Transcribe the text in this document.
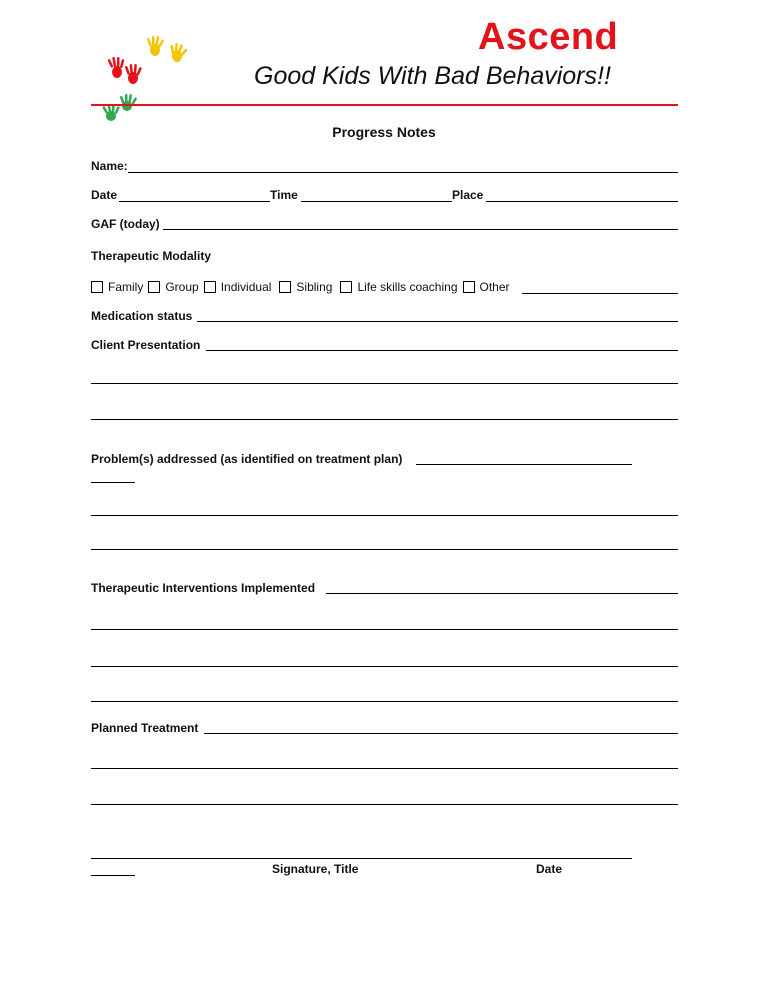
Ascend
Good Kids With Bad Behaviors!!
Progress Notes
Name:
Date	Time	Place
GAF (today)
Therapeutic Modality
Family Group Individual Sibling Life skills coaching Other
Medication status
Client Presentation
Problem(s) addressed (as identified on treatment plan)
Therapeutic Interventions Implemented
Planned Treatment
Signature, Title	Date
